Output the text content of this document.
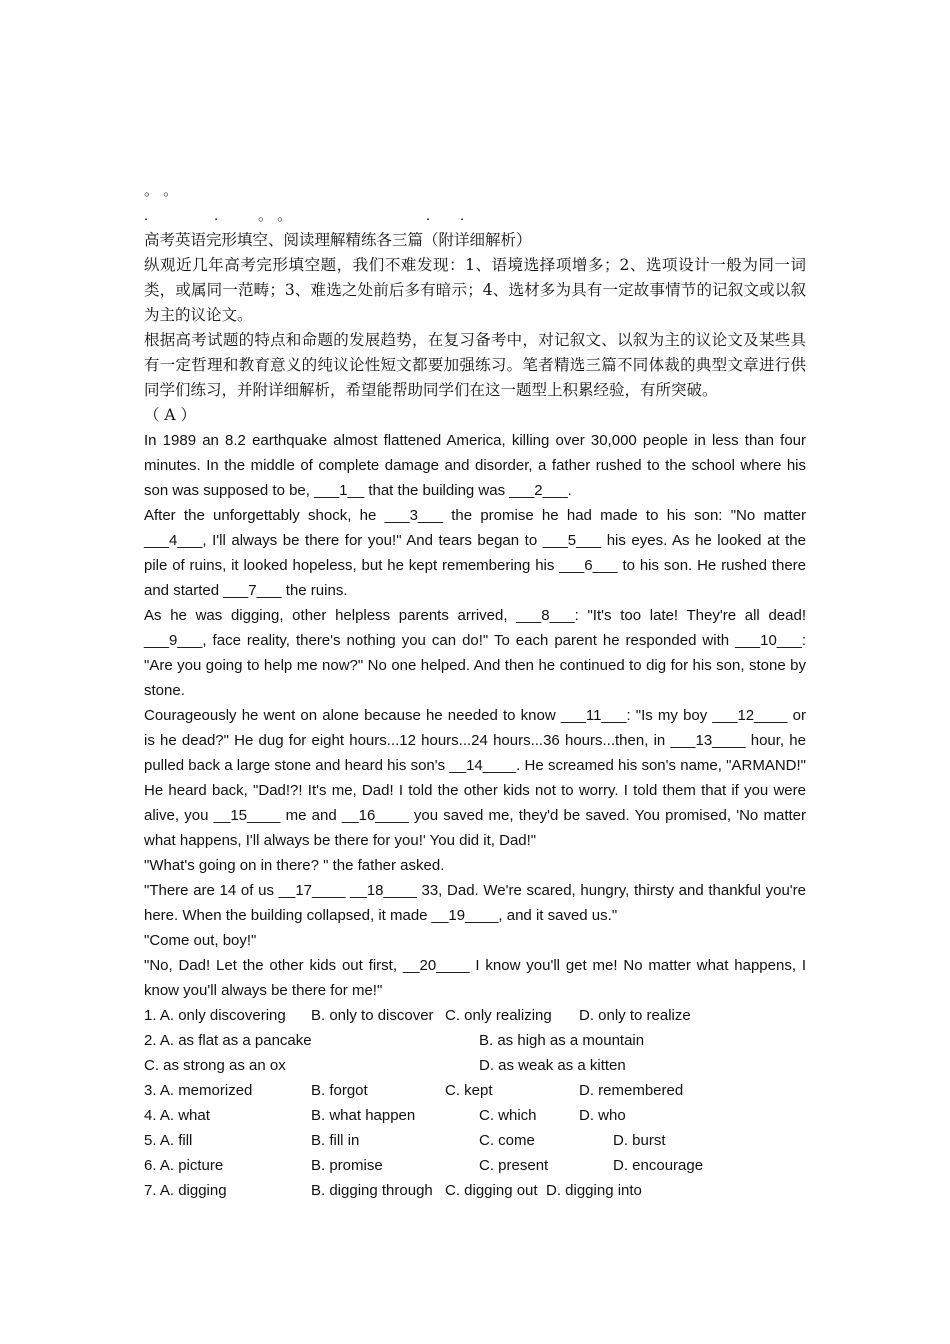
。 。
.	.	。 。	. .
高考英语完形填空、阅读理解精练各三篇（附详细解析）
纵观近几年高考完形填空题，我们不难发现：1、语境选择项增多；2、选项设计一般为同一词类，或属同一范畴；3、难选之处前后多有暗示；4、选材多为具有一定故事情节的记叙文或以叙为主的议论文。
根据高考试题的特点和命题的发展趋势，在复习备考中，对记叙文、以叙为主的议论文及某些具有一定哲理和教育意义的纯议论性短文都要加强练习。笔者精选三篇不同体裁的典型文章进行供同学们练习，并附详细解析，希望能帮助同学们在这一题型上积累经验，有所突破。
（ A ）
In 1989 an 8.2 earthquake almost flattened America, killing over 30,000 people in less than four minutes. In the middle of complete damage and disorder, a father rushed to the school where his son was supposed to be, ___1__ that the building was ___2___.
After the unforgettably shock, he ___3___ the promise he had made to his son: "No matter ___4___, I'll always be there for you!" And tears began to ___5___ his eyes. As he looked at the pile of ruins, it looked hopeless, but he kept remembering his ___6___ to his son. He rushed there and started ___7___ the ruins.
As he was digging, other helpless parents arrived, ___8___: "It's too late! They're all dead! ___9___, face reality, there's nothing you can do!" To each parent he responded with ___10___: "Are you going to help me now?" No one helped. And then he continued to dig for his son, stone by stone.
Courageously he went on alone because he needed to know ___11___: "Is my boy ___12____ or is he dead?" He dug for eight hours...12 hours...24 hours...36 hours...then, in ___13____ hour, he pulled back a large stone and heard his son's __14____. He screamed his son's name, "ARMAND!" He heard back, "Dad!?! It's me, Dad! I told the other kids not to worry. I told them that if you were alive, you __15____ me and __16____ you saved me, they'd be saved. You promised, 'No matter what happens, I'll always be there for you!' You did it, Dad!"
"What's going on in there? " the father asked.
"There are 14 of us __17____ __18____ 33, Dad. We're scared, hungry, thirsty and thankful you're here. When the building collapsed, it made __19____, and it saved us."
"Come out, boy!"
"No, Dad! Let the other kids out first, __20____ I know you'll get me! No matter what happens, I know you'll always be there for me!"
1. A. only discovering B. only to discover C. only realizing D. only to realize
2. A. as flat as a pancake	B. as high as a mountain
C. as strong as an ox	D. as weak as a kitten
3. A. memorized	B. forgot	C. kept	D. remembered
4. A. what	B. what happen	C. which	D. who
5. A. fill	B. fill in	C. come	D. burst
6. A. picture	B. promise	C. present	D. encourage
7. A. digging	B. digging through C. digging out D. digging into
